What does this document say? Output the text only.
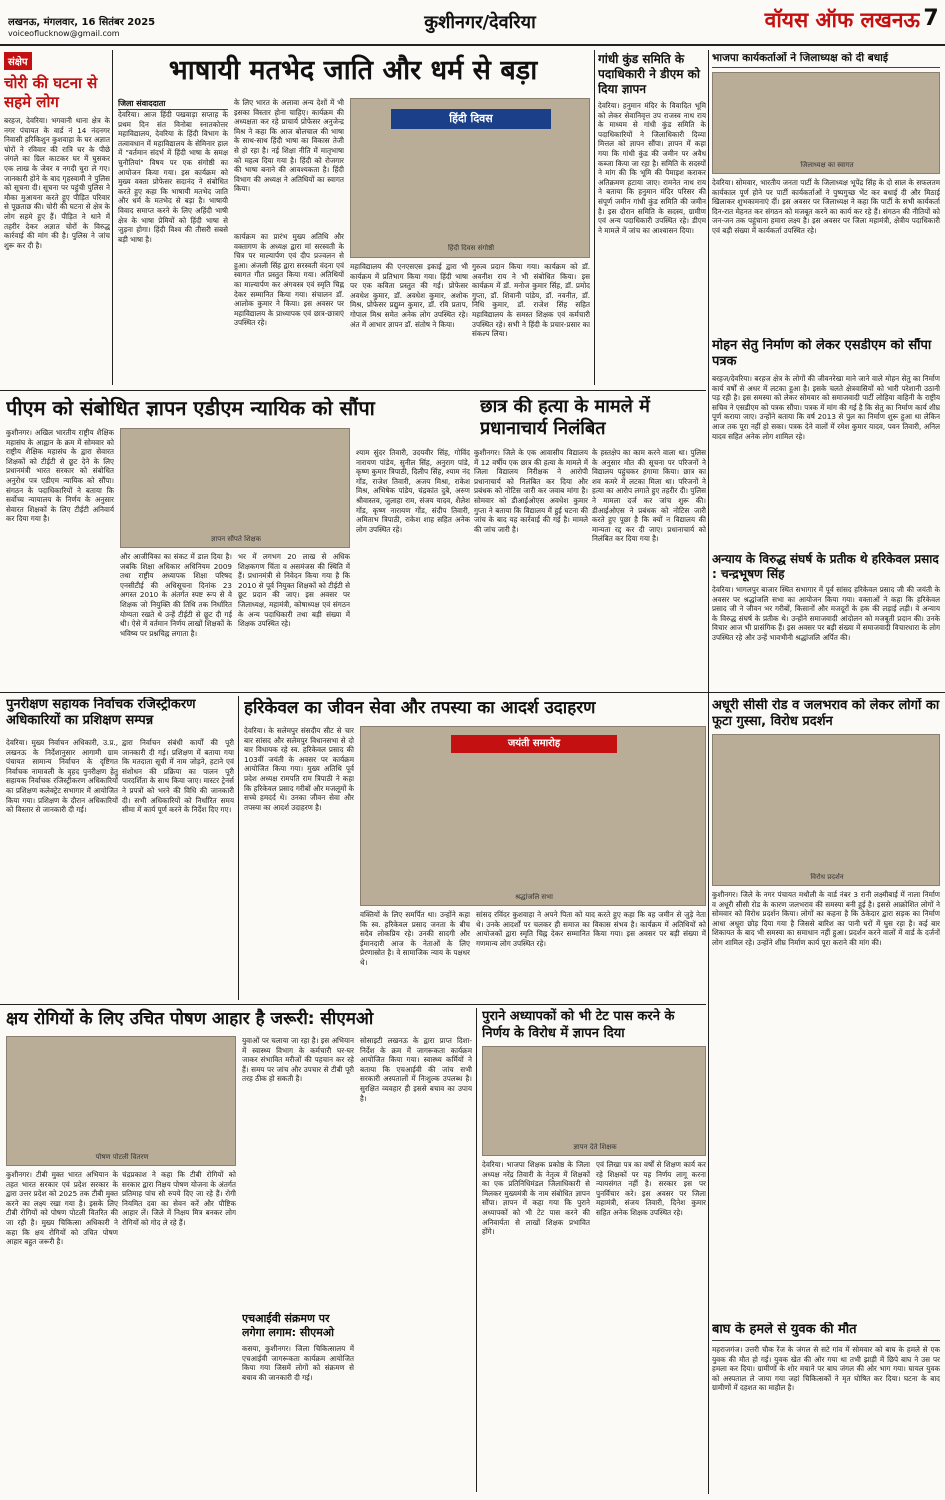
लखनऊ, मंगलवार, 16 सितंबर 2025
voiceoflucknow@gmail.com
कुशीनगर/देवरिया	वॉयस ऑफ लखनऊ 7
संक्षेप
चोरी की घटना से सहमे लोग
बरहज, देवरिया। भगवानी थाना क्षेत्र के नगर पंचायत के वार्ड नं 14 नंदनगर निवासी हरिकिशुन कुशवाहा के घर अज्ञात चोरों ने रविवार की रात्रि घर के पीछे जंगले का ग्रिल काटकर घर में घुसकर एक लाख के जेवर व नगदी चुरा ले गए। जानकारी होने के बाद गृहस्वामी ने पुलिस को सूचना दी। सूचना पर पहुंची पुलिस ने मौका मुआयना करते हुए पीड़ित परिवार से पूछताछ की। चोरी की घटना से क्षेत्र के लोग सहमे हुए हैं। पीड़ित ने थाने में तहरीर देकर अज्ञात चोरों के विरुद्ध कार्रवाई की मांग की है। पुलिस ने जांच शुरू कर दी है।
भाषायी मतभेद जाति और धर्म से बड़ा
जिला संवाददाता
देवरिया। आज हिंदी पखवाड़ा सप्ताह के प्रथम दिन संत विनोबा स्नातकोत्तर महाविद्यालय, देवरिया के हिंदी विभाग के तत्वावधान में महाविद्यालय के सेमिनार हाल में "वर्तमान संदर्भ में हिंदी भाषा के समक्ष चुनौतियां" विषय पर एक संगोष्ठी का आयोजन किया गया। इस कार्यक्रम को मुख्य वक्ता प्रोफेसर सदानंद ने संबोधित करते हुए कहा कि भाषायी मतभेद जाति और धर्म के मतभेद से बड़ा है। भाषायी विवाद समाप्त करने के लिए अहिंदी भाषी क्षेत्र के भाषा प्रेमियों को हिंदी भाषा से जुड़ना होगा। हिंदी विश्व की तीसरी सबसे बड़ी भाषा है।
के लिए भारत के अलावा अन्य देशों में भी इसका विस्तार होना चाहिए। कार्यक्रम की अध्यक्षता कर रहे प्राचार्य प्रोफेसर अनुजेन्द्र मिश्र ने कहा कि आज बोलचाल की भाषा के साथ-साथ हिंदी भाषा का विकास तेजी से हो रहा है। नई शिक्षा नीति में मातृभाषा को महत्व दिया गया है। हिंदी को रोजगार की भाषा बनाने की आवश्यकता है। हिंदी विभाग की अध्यक्ष ने अतिथियों का स्वागत किया।
कार्यक्रम का प्रारंभ मुख्य अतिथि और वक्तागण के अध्यक्ष द्वारा मां सरस्वती के चित्र पर माल्यार्पण एवं दीप प्रज्वलन से हुआ। अंजली सिंह द्वारा सरस्वती वंदना एवं स्वागत गीत प्रस्तुत किया गया। अतिथियों का माल्यार्पण कर अंगवस्त्र एवं स्मृति चिह्न देकर सम्मानित किया गया। संचालन डॉ. आलोक कुमार ने किया। इस अवसर पर महाविद्यालय के प्राध्यापक एवं छात्र-छात्राएं उपस्थित रहे।
हिंदी दिवस
हिंदी दिवस संगोष्ठी
महाविद्यालय की एनएसएस इकाई द्वारा भी कार्यक्रम में प्रतिभाग किया गया। हिंदी भाषा पर एक कविता प्रस्तुत की गई। प्रोफेसर अवधेश कुमार, डॉ. अवधेश कुमार, अशोक मिश्र, प्रोफेसर प्रद्युम्न कुमार, डॉ. रवि प्रताप, गोपाल मिश्र समेत अनेक लोग उपस्थित रहे। अंत में आभार ज्ञापन डॉ. संतोष ने किया।
गुरुत्व प्रदान किया गया। कार्यक्रम को डॉ. अवनीश राय ने भी संबोधित किया। इस कार्यक्रम में डॉ. मनोज कुमार सिंह, डॉ. प्रमोद गुप्ता, डॉ. शिवानी पांडेय, डॉ. नवनीत, डॉ. निधि कुमार, डॉ. राजेश सिंह सहित महाविद्यालय के समस्त शिक्षक एवं कर्मचारी उपस्थित रहे। सभी ने हिंदी के प्रचार-प्रसार का संकल्प लिया।
गांधी कुंड समिति के पदाधिकारी ने डीएम को दिया ज्ञापन
देवरिया। हनुमान मंदिर के विवादित भूमि को लेकर सेवानिवृत्त उप राजस्व नाथ राय के माध्यम से गांधी कुंड समिति के पदाधिकारियों ने जिलाधिकारी दिव्या मित्तल को ज्ञापन सौंपा। ज्ञापन में कहा गया कि गांधी कुंड की जमीन पर अवैध कब्जा किया जा रहा है। समिति के सदस्यों ने मांग की कि भूमि की पैमाइश कराकर अतिक्रमण हटाया जाए। रामनेत नाथ राय ने बताया कि हनुमान मंदिर परिसर की संपूर्ण जमीन गांधी कुंड समिति की जमीन है। इस दौरान समिति के सदस्य, ग्रामीण एवं अन्य पदाधिकारी उपस्थित रहे। डीएम ने मामले में जांच का आश्वासन दिया।
भाजपा कार्यकर्ताओं ने जिलाध्यक्ष को दी बधाई
जिलाध्यक्ष का स्वागत
देवरिया। सोमवार, भारतीय जनता पार्टी के जिलाध्यक्ष भूपेंद्र सिंह के दो साल के सफलतम कार्यकाल पूर्ण होने पर पार्टी कार्यकर्ताओं ने पुष्पगुच्छ भेंट कर बधाई दी और मिठाई खिलाकर शुभकामनाएं दीं। इस अवसर पर जिलाध्यक्ष ने कहा कि पार्टी के सभी कार्यकर्ता दिन-रात मेहनत कर संगठन को मजबूत करने का कार्य कर रहे हैं। संगठन की नीतियों को जन-जन तक पहुंचाना हमारा लक्ष्य है। इस अवसर पर जिला महामंत्री, क्षेत्रीय पदाधिकारी एवं बड़ी संख्या में कार्यकर्ता उपस्थित रहे।
मोहन सेतु निर्माण को लेकर एसडीएम को सौंपा पत्रक
बरहज/देवरिया। बरहज क्षेत्र के लोगों की जीवनरेखा माने जाने वाले मोहन सेतु का निर्माण कार्य वर्षों से अधर में लटका हुआ है। इसके चलते क्षेत्रवासियों को भारी परेशानी उठानी पड़ रही है। इस समस्या को लेकर सोमवार को समाजवादी पार्टी लोहिया वाहिनी के राष्ट्रीय सचिव ने एसडीएम को पत्रक सौंपा। पत्रक में मांग की गई है कि सेतु का निर्माण कार्य शीघ्र पूर्ण कराया जाए। उन्होंने बताया कि वर्ष 2013 से पुल का निर्माण शुरू हुआ था लेकिन आज तक पूरा नहीं हो सका। पत्रक देने वालों में रमेश कुमार यादव, पवन तिवारी, अनिल यादव सहित अनेक लोग शामिल रहे।
पीएम को संबोधित ज्ञापन एडीएम न्यायिक को सौंपा
कुशीनगर। अखिल भारतीय राष्ट्रीय शैक्षिक महासंघ के आह्वान के क्रम में सोमवार को राष्ट्रीय शैक्षिक महासंघ के द्वारा सेवारत शिक्षकों को टीईटी से छूट देने के लिए प्रधानमंत्री भारत सरकार को संबोधित अनुरोध पत्र एडीएम न्यायिक को सौंपा। संगठन के पदाधिकारियों ने बताया कि सर्वोच्च न्यायालय के निर्णय के अनुसार सेवारत शिक्षकों के लिए टीईटी अनिवार्य कर दिया गया है।
ज्ञापन सौंपते शिक्षक
और आजीविका का संकट में डाल दिया है। जबकि शिक्षा अधिकार अधिनियम 2009 तथा राष्ट्रीय अध्यापक शिक्षा परिषद एनसीटीई की अधिसूचना दिनांक 23 अगस्त 2010 के अंतर्गत स्पष्ट रूप से वे शिक्षक जो नियुक्ति की तिथि तक निर्धारित योग्यता रखते थे उन्हें टीईटी से छूट दी गई थी। ऐसे में वर्तमान निर्णय लाखों शिक्षकों के भविष्य पर प्रश्नचिह्न लगाता है।
भर में लगभग 20 लाख से अधिक शिक्षकगण चिंता व असमंजस की स्थिति में हैं। प्रधानमंत्री से निवेदन किया गया है कि 2010 से पूर्व नियुक्त शिक्षकों को टीईटी से छूट प्रदान की जाए। इस अवसर पर जिलाध्यक्ष, महामंत्री, कोषाध्यक्ष एवं संगठन के अन्य पदाधिकारी तथा बड़ी संख्या में शिक्षक उपस्थित रहे।
छात्र की हत्या के मामले में प्रधानाचार्य निलंबित
श्याम सुंदर तिवारी, उदयवीर सिंह, गोविंद नारायण पांडेय, सुनील सिंह, अनुराग पांडे, कृष्ण कुमार त्रिपाठी, दिलीप सिंह, श्याम नंद गोंड, राजेश तिवारी, अजय मिश्रा, राकेश मिश्र, अभिषेक पांडेय, चंद्रकांत दुबे, अरुण श्रीवास्तव, जुलाहा राम, संजय यादव, शैलेश गोंड, कृष्ण नारायण गोंड, संदीप तिवारी, अमिताभ त्रिपाठी, राकेश शाह सहित अनेक लोग उपस्थित रहे।
कुशीनगर। जिले के एक आवासीय विद्यालय में 12 वर्षीय एक छात्र की हत्या के मामले में जिला विद्यालय निरीक्षक ने आरोपी प्रधानाचार्य को निलंबित कर दिया और प्रबंधक को नोटिस जारी कर जवाब मांगा है। सोमवार को डीआईओएस अवधेश कुमार गुप्ता ने बताया कि विद्यालय में हुई घटना की जांच के बाद यह कार्रवाई की गई है। मामले की जांच जारी है।
के हस्तक्षेप का काम करने वाला था। पुलिस के अनुसार मौत की सूचना पर परिजनों ने विद्यालय पहुंचकर हंगामा किया। छात्र का शव कमरे में लटका मिला था। परिजनों ने हत्या का आरोप लगाते हुए तहरीर दी। पुलिस ने मामला दर्ज कर जांच शुरू की। डीआईओएस ने प्रबंधक को नोटिस जारी करते हुए पूछा है कि क्यों न विद्यालय की मान्यता रद्द कर दी जाए। प्रधानाचार्य को निलंबित कर दिया गया है।
अन्याय के विरुद्ध संघर्ष के प्रतीक थे हरिकेवल प्रसाद : चन्द्रभूषण सिंह
देवरिया। भागलपुर बाजार स्थित सभागार में पूर्व सांसद हरिकेवल प्रसाद जी की जयंती के अवसर पर श्रद्धांजलि सभा का आयोजन किया गया। वक्ताओं ने कहा कि हरिकेवल प्रसाद जी ने जीवन भर गरीबों, किसानों और मजदूरों के हक की लड़ाई लड़ी। वे अन्याय के विरुद्ध संघर्ष के प्रतीक थे। उन्होंने समाजवादी आंदोलन को मजबूती प्रदान की। उनके विचार आज भी प्रासंगिक हैं। इस अवसर पर बड़ी संख्या में समाजवादी विचारधारा के लोग उपस्थित रहे और उन्हें भावभीनी श्रद्धांजलि अर्पित की।
पुनरीक्षण सहायक निर्वाचक रजिस्ट्रीकरण अधिकारियों का प्रशिक्षण सम्पन्न
देवरिया। मुख्य निर्वाचन अधिकारी, उ.प्र., लखनऊ के निर्देशानुसार आगामी ग्राम पंचायत सामान्य निर्वाचन के दृष्टिगत निर्वाचक नामावली के वृहद पुनरीक्षण हेतु सहायक निर्वाचक रजिस्ट्रीकरण अधिकारियों का प्रशिक्षण कलेक्ट्रेट सभागार में आयोजित किया गया। प्रशिक्षण के दौरान अधिकारियों को विस्तार से जानकारी दी गई।
द्वारा निर्वाचन संबंधी कार्यों की पूरी जानकारी दी गई। प्रशिक्षण में बताया गया कि मतदाता सूची में नाम जोड़ने, हटाने एवं संशोधन की प्रक्रिया का पालन पूरी पारदर्शिता के साथ किया जाए। मास्टर ट्रेनर्स ने प्रपत्रों को भरने की विधि की जानकारी दी। सभी अधिकारियों को निर्धारित समय सीमा में कार्य पूर्ण करने के निर्देश दिए गए।
हरिकेवल का जीवन सेवा और तपस्या का आदर्श उदाहरण
देवरिया। के सलेमपुर संसदीय सीट से चार बार सांसद और सलेमपुर विधानसभा से दो बार विधायक रहे स्व. हरिकेवल प्रसाद की 103वीं जयंती के अवसर पर कार्यक्रम आयोजित किया गया। मुख्य अतिथि पूर्व प्रदेश अध्यक्ष रामपति राम त्रिपाठी ने कहा कि हरिकेवल प्रसाद गरीबों और मजलूमों के सच्चे हमदर्द थे। उनका जीवन सेवा और तपस्या का आदर्श उदाहरण है।
जयंती समारोह
श्रद्धांजलि सभा
वक्तियों के लिए समर्पित था। उन्होंने कहा कि स्व. हरिकेवल प्रसाद जनता के बीच सदैव लोकप्रिय रहे। उनकी सादगी और ईमानदारी आज के नेताओं के लिए प्रेरणास्रोत है। वे सामाजिक न्याय के पक्षधर थे।
सांसद रविंदर कुशवाहा ने अपने पिता को याद करते हुए कहा कि वह जमीन से जुड़े नेता थे। उनके आदर्शों पर चलकर ही समाज का विकास संभव है। कार्यक्रम में अतिथियों को आयोजकों द्वारा स्मृति चिह्न देकर सम्मानित किया गया। इस अवसर पर बड़ी संख्या में गणमान्य लोग उपस्थित रहे।
अधूरी सीसी रोड व जलभराव को लेकर लोगों का फूटा गुस्सा, विरोध प्रदर्शन
विरोध प्रदर्शन
कुशीनगर। जिले के नगर पंचायत मथौली के वार्ड नंबर 3 रानी लक्ष्मीबाई में नाला निर्माण व अधूरी सीसी रोड के कारण जलभराव की समस्या बनी हुई है। इससे आक्रोशित लोगों ने सोमवार को विरोध प्रदर्शन किया। लोगों का कहना है कि ठेकेदार द्वारा सड़क का निर्माण आधा अधूरा छोड़ दिया गया है जिससे बारिश का पानी घरों में घुस रहा है। कई बार शिकायत के बाद भी समस्या का समाधान नहीं हुआ। प्रदर्शन करने वालों में वार्ड के दर्जनों लोग शामिल रहे। उन्होंने शीघ्र निर्माण कार्य पूरा कराने की मांग की।
क्षय रोगियों के लिए उचित पोषण आहार है जरूरी: सीएमओ
पोषण पोटली वितरण
कुशीनगर। टीबी मुक्त भारत अभियान के तहत भारत सरकार एवं प्रदेश सरकार के द्वारा उत्तर प्रदेश को 2025 तक टीबी मुक्त करने का लक्ष्य रखा गया है। इसके लिए टीबी रोगियों को पोषण पोटली वितरित की जा रही है। मुख्य चिकित्सा अधिकारी ने कहा कि क्षय रोगियों को उचित पोषण आहार बहुत जरूरी है।
चंद्रप्रकाश ने कहा कि टीबी रोगियों को सरकार द्वारा निक्षय पोषण योजना के अंतर्गत प्रतिमाह पांच सौ रुपये दिए जा रहे हैं। रोगी नियमित दवा का सेवन करें और पौष्टिक आहार लें। जिले में निक्षय मित्र बनकर लोग रोगियों को गोद ले रहे हैं।
युवाओं पर चलाया जा रहा है। इस अभियान में स्वास्थ्य विभाग के कर्मचारी घर-घर जाकर संभावित मरीजों की पहचान कर रहे हैं। समय पर जांच और उपचार से टीबी पूरी तरह ठीक हो सकती है।
एचआईवी संक्रमण पर लगेगा लगाम: सीएमओ
कसया, कुशीनगर। जिला चिकित्सालय में एचआईवी जागरूकता कार्यक्रम आयोजित किया गया जिसमें लोगों को संक्रमण से बचाव की जानकारी दी गई।
सोसाइटी लखनऊ के द्वारा प्राप्त दिशा-निर्देश के क्रम में जागरूकता कार्यक्रम आयोजित किया गया। स्वास्थ्य कर्मियों ने बताया कि एचआईवी की जांच सभी सरकारी अस्पतालों में निःशुल्क उपलब्ध है। सुरक्षित व्यवहार ही इससे बचाव का उपाय है।
पुराने अध्यापकों को भी टेट पास करने के निर्णय के विरोध में ज्ञापन दिया
ज्ञापन देते शिक्षक
देवरिया। भाजपा शिक्षक प्रकोष्ठ के जिला अध्यक्ष नरेंद्र तिवारी के नेतृत्व में शिक्षकों का एक प्रतिनिधिमंडल जिलाधिकारी से मिलकर मुख्यमंत्री के नाम संबोधित ज्ञापन सौंपा। ज्ञापन में कहा गया कि पुराने अध्यापकों को भी टेट पास करने की अनिवार्यता से लाखों शिक्षक प्रभावित होंगे।
एवं लिखा पत्र का वर्षों से शिक्षण कार्य कर रहे शिक्षकों पर यह निर्णय लागू करना न्यायसंगत नहीं है। सरकार इस पर पुनर्विचार करे। इस अवसर पर जिला महामंत्री, संजय तिवारी, दिनेश कुमार सहित अनेक शिक्षक उपस्थित रहे।
बाघ के हमले से युवक की मौत
महराजगंज। उत्तरी चौक रेंज के जंगल से सटे गांव में सोमवार को बाघ के हमले से एक युवक की मौत हो गई। युवक खेत की ओर गया था तभी झाड़ी में छिपे बाघ ने उस पर हमला कर दिया। ग्रामीणों के शोर मचाने पर बाघ जंगल की ओर भाग गया। घायल युवक को अस्पताल ले जाया गया जहां चिकित्सकों ने मृत घोषित कर दिया। घटना के बाद ग्रामीणों में दहशत का माहौल है।
